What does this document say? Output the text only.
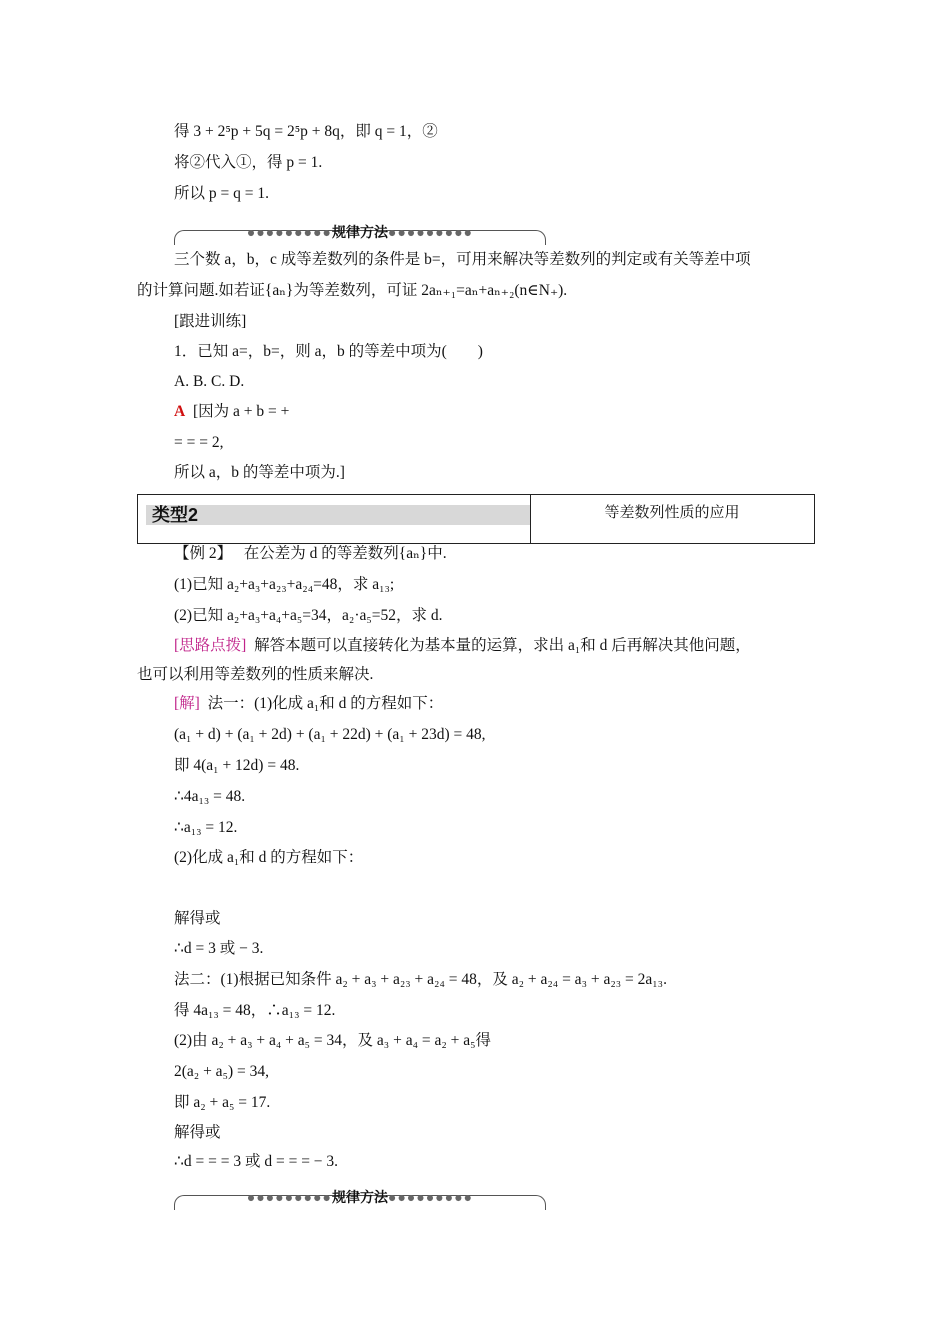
得 3 + 2⁵p + 5q = 2⁵p + 8q，即 q = 1，②
将②代入①，得 p = 1.
所以 p = q = 1.
●●●●●●●●●规律方法●●●●●●●●●
三个数 a，b，c 成等差数列的条件是 b=，可用来解决等差数列的判定或有关等差中项
的计算问题.如若证{aₙ}为等差数列，可证 2aₙ₊₁=aₙ+aₙ₊₂(n∈N₊).
[跟进训练]
1．已知 a=，b=，则 a，b 的等差中项为(　　)
A. B. C. D.
A [因为 a + b = +
= = = 2,
所以 a，b 的等差中项为.]
类型2	等差数列性质的应用
【例 2】 在公差为 d 的等差数列{aₙ}中.
(1)已知 a₂+a₃+a₂₃+a₂₄=48，求 a₁₃;
(2)已知 a₂+a₃+a₄+a₅=34，a₂·a₅=52，求 d.
[思路点拨] 解答本题可以直接转化为基本量的运算，求出 a₁和 d 后再解决其他问题，
也可以利用等差数列的性质来解决.
[解] 法一：(1)化成 a₁和 d 的方程如下：
(a₁ + d) + (a₁ + 2d) + (a₁ + 22d) + (a₁ + 23d) = 48,
即 4(a₁ + 12d) = 48.
∴4a₁₃ = 48.
∴a₁₃ = 12.
(2)化成 a₁和 d 的方程如下：
解得或
∴d = 3 或 − 3.
法二：(1)根据已知条件 a₂ + a₃ + a₂₃ + a₂₄ = 48，及 a₂ + a₂₄ = a₃ + a₂₃ = 2a₁₃.
得 4a₁₃ = 48，∴a₁₃ = 12.
(2)由 a₂ + a₃ + a₄ + a₅ = 34，及 a₃ + a₄ = a₂ + a₅得
2(a₂ + a₅) = 34,
即 a₂ + a₅ = 17.
解得或
∴d = = = 3 或 d = = = − 3.
●●●●●●●●●规律方法●●●●●●●●●
